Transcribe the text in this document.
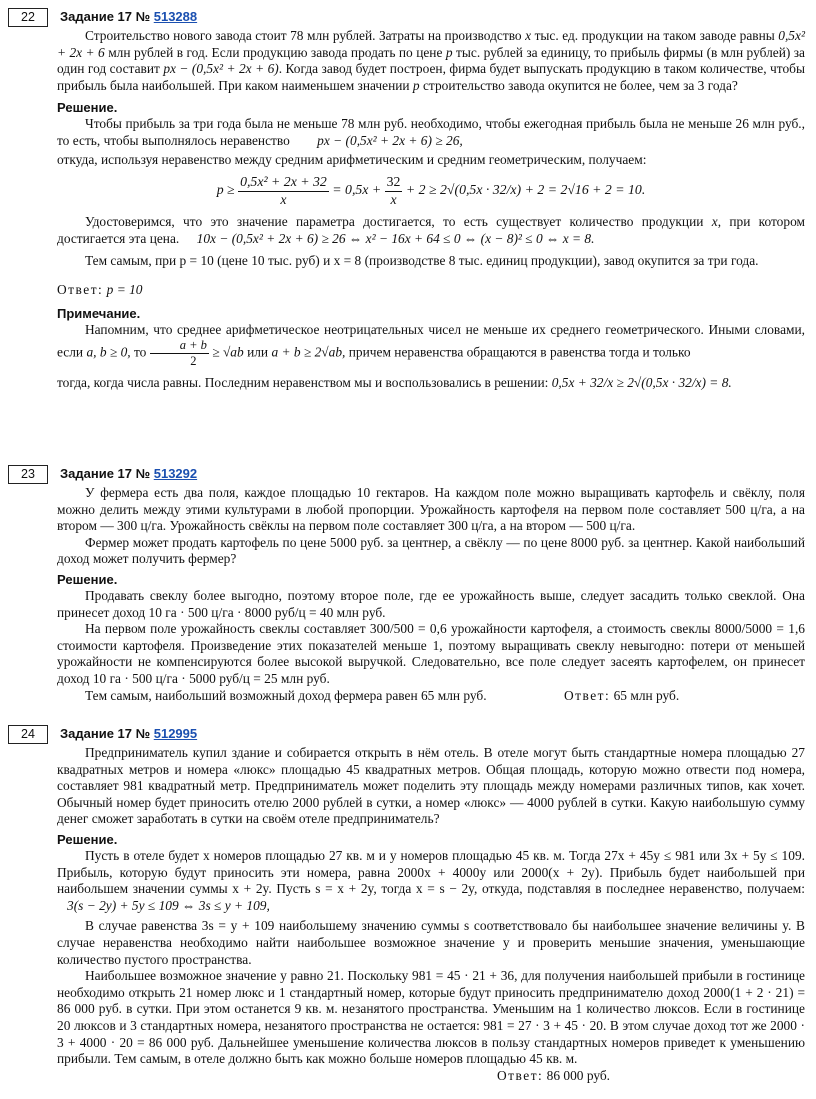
22	Задание 17 № 513288

Строительство нового завода стоит 78 млн рублей. Затраты на производство x тыс. ед. продукции на таком заводе равны 0,5x² + 2x + 6 млн рублей в год. Если продукцию завода продать по цене p тыс. рублей за единицу, то прибыль фирмы (в млн рублей) за один год составит px − (0,5x² + 2x + 6). Когда завод будет построен, фирма будет выпускать продукцию в таком количестве, чтобы прибыль была наибольшей. При каком наименьшем значении p строительство завода окупится не более, чем за 3 года?

Решение.

Чтобы прибыль за три года была не меньше 78 млн руб. необходимо, чтобы ежегодная прибыль была не меньше 26 млн руб., то есть, чтобы выполнялось неравенство px − (0,5x² + 2x + 6) ≥ 26,

откуда, используя неравенство между средним арифметическим и средним геометрическим, получаем:

$p \ge \frac{\text{0,5x² + 2x + 32}}{x} = 0,5x + \frac{32}{x} + 2 \ge 2√(0,5x \cdot 32/x) + 2 = 2√16 + 2 = 10$.

Удостоверимся, что это значение параметра достигается, то есть существует количество продукции x, при котором достигается эта цена. 10x − (0,5x² + 2x + 6) ≥ 26 ⇔ x² − 16x + 64 ≤ 0 ⇔ (x − 8)² ≤ 0 ⇔ x = 8.

Тем самым, при p = 10 (цене 10 тыс. руб) и x = 8 (производстве 8 тыс. единиц продукции), завод окупится за три года.

Ответ: p = 10

Примечание.

Напомним, что среднее арифметическое неотрицательных чисел не меньше их среднего геометрического. Иными словами, если a, b ≥ 0, то $\frac{a + b}{2} \ge √ab$ или a + b ≥ 2√ab, причем неравенства обращаются в равенства тогда и только

тогда, когда числа равны. Последним неравенством мы и воспользовались в решении: 0,5x + 32/x ≥ 2√(0,5x · 32/x) = 8.

23	Задание 17 № 513292

У фермера есть два поля, каждое площадью 10 гектаров. На каждом поле можно выращивать картофель и свёклу, поля можно делить между этими культурами в любой пропорции. Урожайность картофеля на первом поле составляет 500 ц/га, а на втором — 300 ц/га. Урожайность свёклы на первом поле составляет 300 ц/га, а на втором — 500 ц/га.

Фермер может продать картофель по цене 5000 руб. за центнер, а свёклу — по цене 8000 руб. за центнер. Какой наибольший доход может получить фермер?

Решение.

Продавать свеклу более выгодно, поэтому второе поле, где ее урожайность выше, следует засадить только свеклой. Она принесет доход 10 га · 500 ц/га · 8000 руб/ц = 40 млн руб.

На первом поле урожайность свеклы составляет 300/500 = 0,6 урожайности картофеля, а стоимость свеклы 8000/5000 = 1,6 стоимости картофеля. Произведение этих показателей меньше 1, поэтому выращивать свеклу невыгодно: потери от меньшей урожайности не компенсируются более высокой выручкой. Следовательно, все поле следует засеять картофелем, он принесет доход 10 га · 500 ц/га · 5000 руб/ц = 25 млн руб.

Тем самым, наибольший возможный доход фермера равен 65 млн руб.	Ответ: 65 млн руб.

24	Задание 17 № 512995

Предприниматель купил здание и собирается открыть в нём отель. В отеле могут быть стандартные номера площадью 27 квадратных метров и номера «люкс» площадью 45 квадратных метров. Общая площадь, которую можно отвести под номера, составляет 981 квадратный метр. Предприниматель может поделить эту площадь между номерами различных типов, как хочет. Обычный номер будет приносить отелю 2000 рублей в сутки, а номер «люкс» — 4000 рублей в сутки. Какую наибольшую сумму денег сможет заработать в сутки на своём отеле предприниматель?

Решение.

Пусть в отеле будет x номеров площадью 27 кв. м и y номеров площадью 45 кв. м. Тогда 27x + 45y ≤ 981 или 3x + 5y ≤ 109. Прибыль, которую будут приносить эти номера, равна 2000x + 4000y или 2000(x + 2y). Прибыль будет наибольшей при наибольшем значении суммы x + 2y. Пусть s = x + 2y, тогда x = s − 2y, откуда, подставляя в последнее неравенство, получаем: 3(s − 2y) + 5y ≤ 109 ⇔ 3s ≤ y + 109,

В случае равенства 3s = y + 109 наибольшему значению суммы s соответствовало бы наибольшее значение величины y. В случае неравенства необходимо найти наибольшее возможное значение y и проверить меньшие значения, уменьшающие количество пустого пространства.

Наибольшее возможное значение y равно 21. Поскольку 981 = 45 · 21 + 36, для получения наибольшей прибыли в гостинице необходимо открыть 21 номер люкс и 1 стандартный номер, которые будут приносить предпринимателю доход 2000(1 + 2 · 21) = 86 000 руб. в сутки. При этом останется 9 кв. м. незанятого пространства. Уменьшим на 1 количество люксов. Если в гостинице 20 люксов и 3 стандартных номера, незанятого пространства не остается: 981 = 27 · 3 + 45 · 20. В этом случае доход тот же 2000 · 3 + 4000 · 20 = 86 000 руб. Дальнейшее уменьшение количества люксов в пользу стандартных номеров приведет к уменьшению прибыли. Тем самым, в отеле должно быть как можно больше номеров площадью 45 кв. м.

Ответ: 86 000 руб.
